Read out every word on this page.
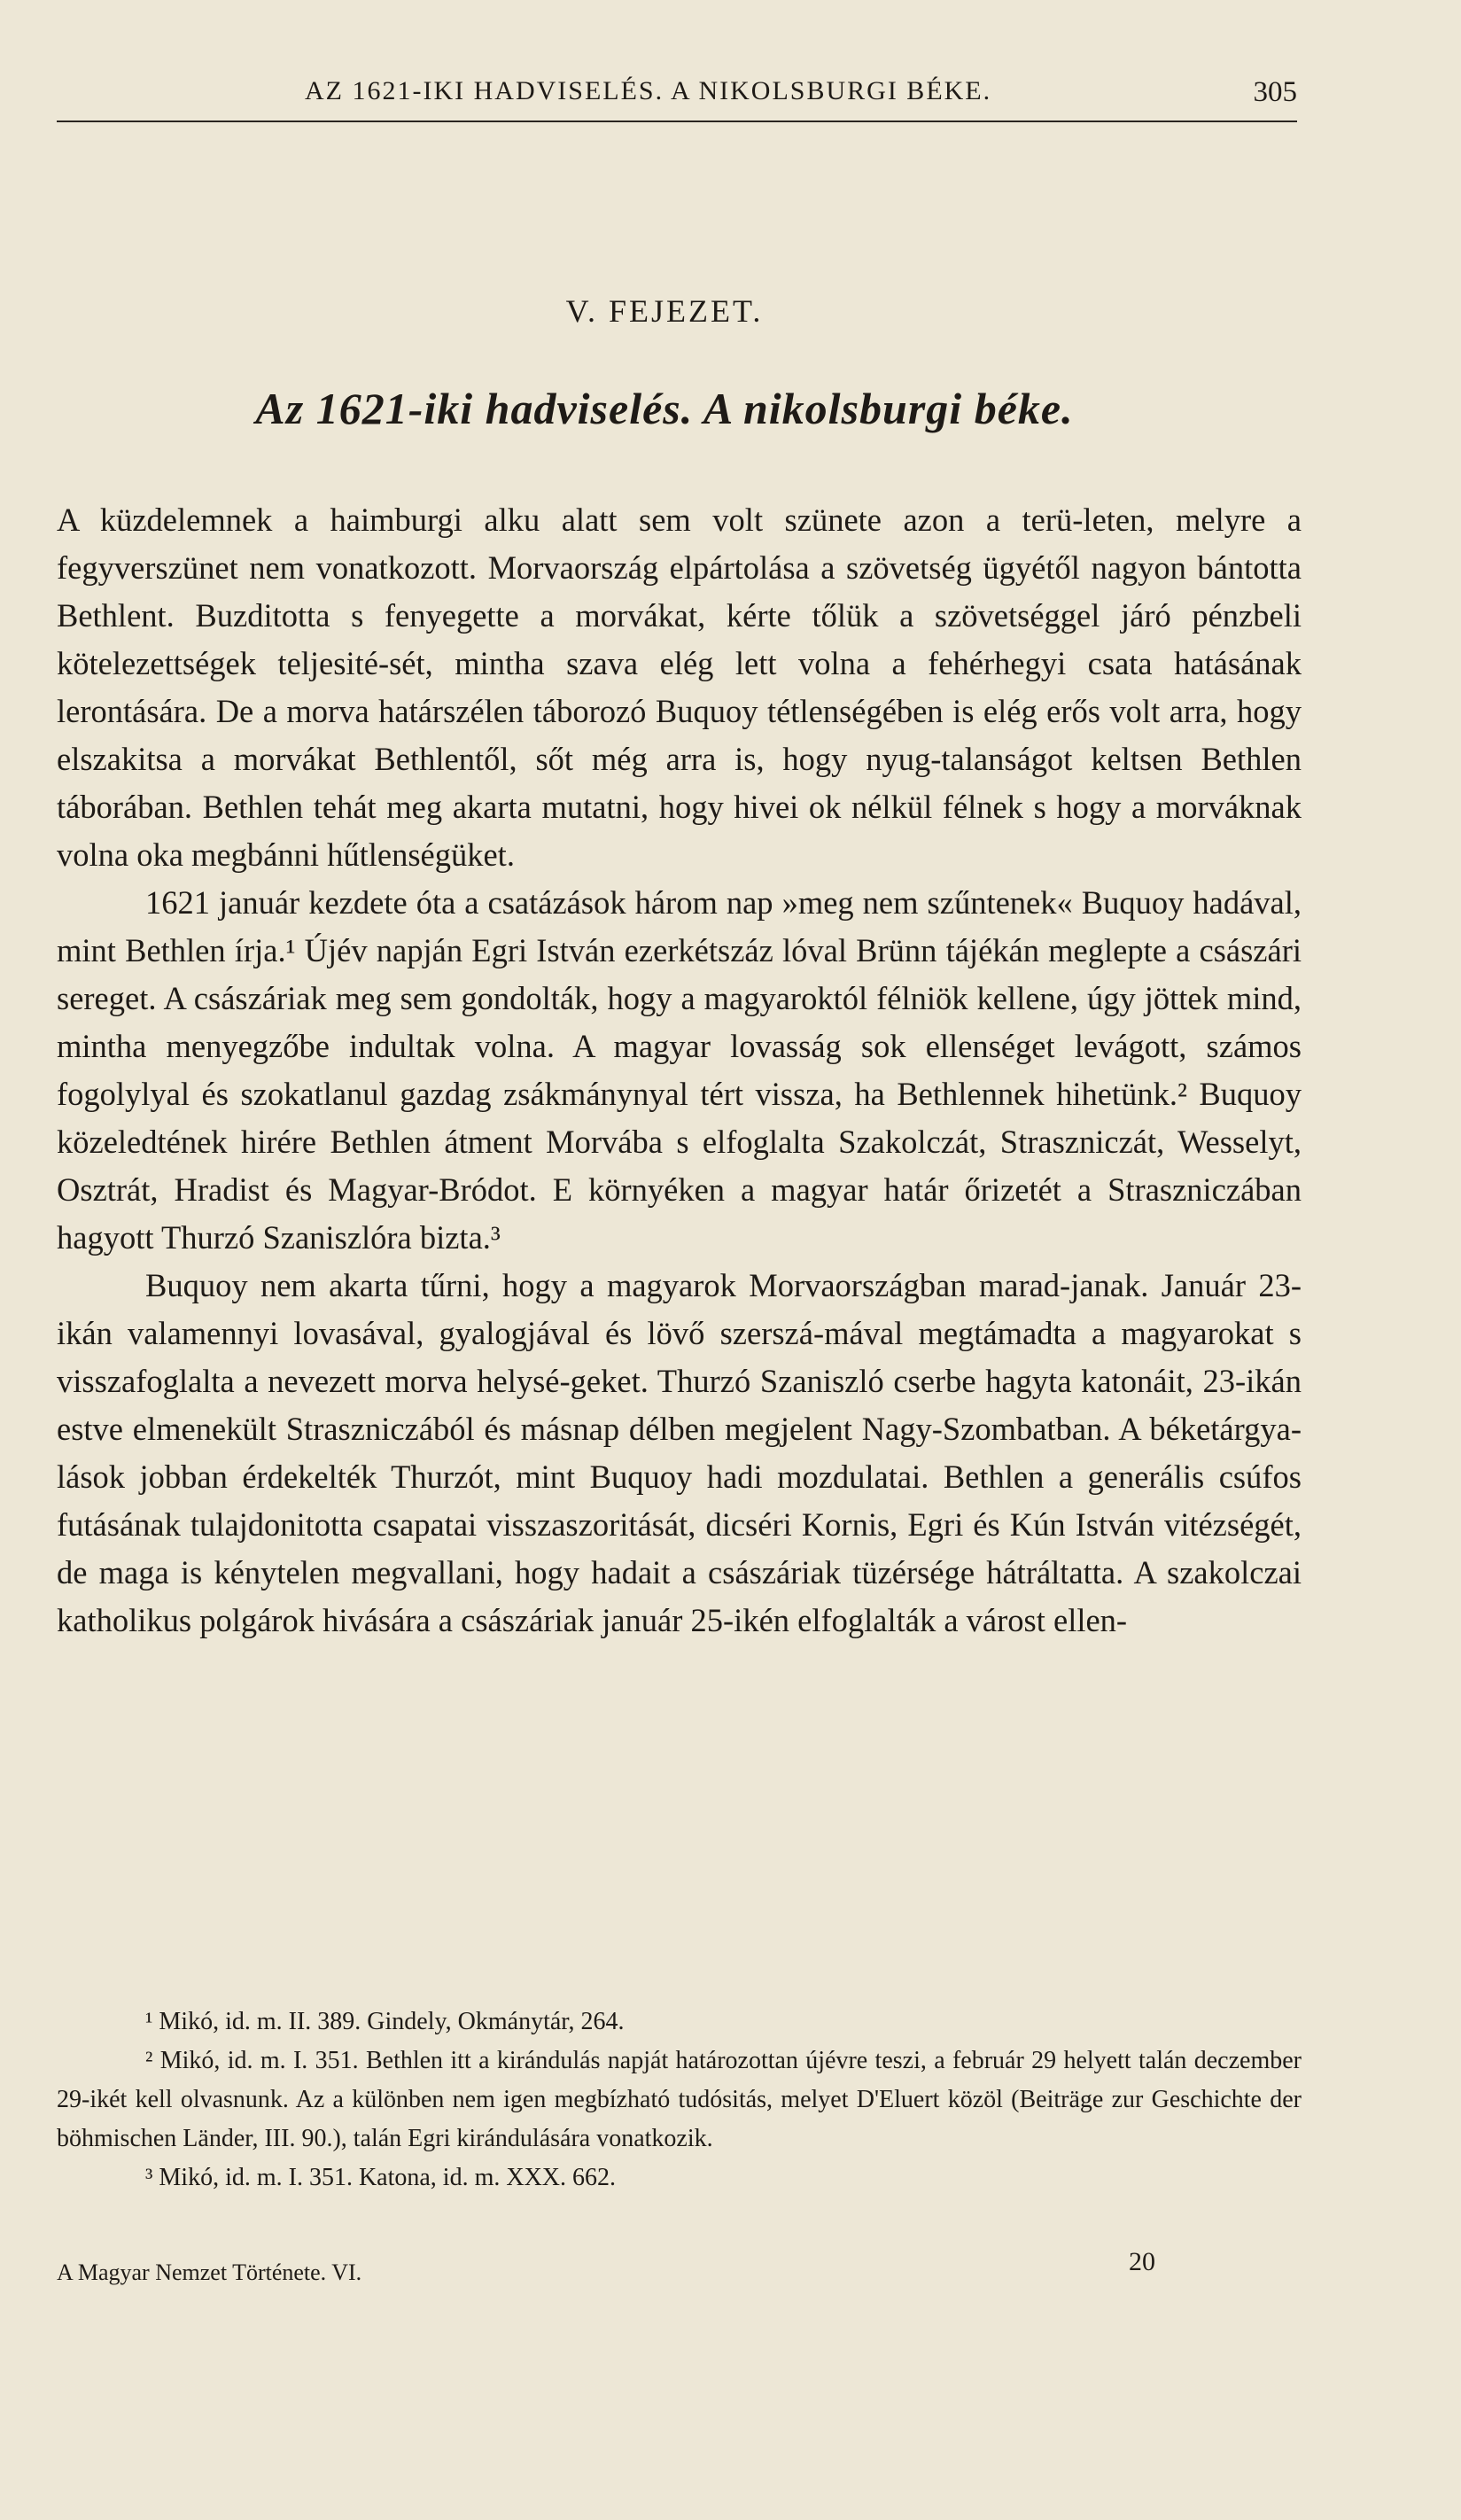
AZ 1621-IKI HADVISELÉS. A NIKOLSBURGI BÉKE.	305
V. FEJEZET.
Az 1621-iki hadviselés. A nikolsburgi béke.

A küzdelemnek a haimburgi alku alatt sem volt szünete azon a terü-leten, melyre a fegyverszünet nem vonatkozott. Morvaország elpártolása a szövetség ügyétől nagyon bántotta Bethlent. Buzditotta s fenyegette a morvákat, kérte tőlük a szövetséggel járó pénzbeli kötelezettségek teljesité-sét, mintha szava elég lett volna a fehérhegyi csata hatásának lerontására. De a morva határszélen táborozó Buquoy tétlenségében is elég erős volt arra, hogy elszakitsa a morvákat Bethlentől, sőt még arra is, hogy nyug-talanságot keltsen Bethlen táborában. Bethlen tehát meg akarta mutatni, hogy hivei ok nélkül félnek s hogy a morváknak volna oka megbánni hűtlenségüket.

1621 január kezdete óta a csatázások három nap »meg nem szűntenek« Buquoy hadával, mint Bethlen írja.¹ Újév napján Egri István ezerkétszáz lóval Brünn tájékán meglepte a császári sereget. A császáriak meg sem gondolták, hogy a magyaroktól félniök kellene, úgy jöttek mind, mintha menyegzőbe indultak volna. A magyar lovasság sok ellenséget levágott, számos fogolylyal és szokatlanul gazdag zsákmánynyal tért vissza, ha Bethlennek hihetünk.² Buquoy közeledtének hirére Bethlen átment Morvába s elfoglalta Szakolczát, Straszniczát, Wesselyt, Osztrát, Hradist és Magyar-Bródot. E környéken a magyar határ őrizetét a Straszniczában hagyott Thurzó Szaniszlóra bizta.³

Buquoy nem akarta tűrni, hogy a magyarok Morvaországban marad-janak. Január 23-ikán valamennyi lovasával, gyalogjával és lövő szerszá-mával megtámadta a magyarokat s visszafoglalta a nevezett morva helysé-geket. Thurzó Szaniszló cserbe hagyta katonáit, 23-ikán estve elmenekült Straszniczából és másnap délben megjelent Nagy-Szombatban. A béketárgya-lások jobban érdekelték Thurzót, mint Buquoy hadi mozdulatai. Bethlen a generális csúfos futásának tulajdonitotta csapatai visszaszoritását, dicséri Kornis, Egri és Kún István vitézségét, de maga is kénytelen megvallani, hogy hadait a császáriak tüzérsége hátráltatta. A szakolczai katholikus polgárok hivására a császáriak január 25-ikén elfoglalták a várost ellen-

¹ Mikó, id. m. II. 389. Gindely, Okmánytár, 264.

² Mikó, id. m. I. 351. Bethlen itt a kirándulás napját határozottan újévre teszi, a február 29 helyett talán deczember 29-ikét kell olvasnunk. Az a különben nem igen megbízható tudósitás, melyet D'Eluert közöl (Beiträge zur Geschichte der böhmischen Länder, III. 90.), talán Egri kirándulására vonatkozik.

³ Mikó, id. m. I. 351. Katona, id. m. XXX. 662.

A Magyar Nemzet Története. VI.	20
